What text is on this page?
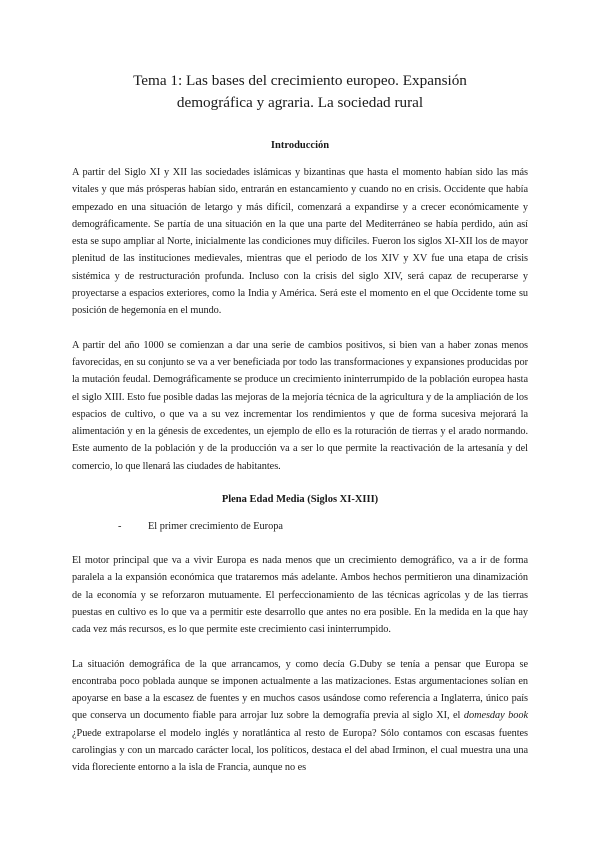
Tema 1: Las bases del crecimiento europeo. Expansión
demográfica y agraria. La sociedad rural
Introducción

A partir del Siglo XI y XII las sociedades islámicas y bizantinas que hasta el momento habían sido las más vitales y que más prósperas habían sido, entrarán en estancamiento y cuando no en crisis. Occidente que había empezado en una situación de letargo y más difícil, comenzará a expandirse y a crecer económicamente y demográficamente. Se partía de una situación en la que una parte del Mediterráneo se había perdido, aún así esta se supo ampliar al Norte, inicialmente las condiciones muy difíciles. Fueron los siglos XI-XII los de mayor plenitud de las instituciones medievales, mientras que el periodo de los XIV y XV fue una etapa de crisis sistémica y de restructuración profunda. Incluso con la crisis del siglo XIV, será capaz de recuperarse y proyectarse a espacios exteriores, como la India y América. Será este el momento en el que Occidente tome su posición de hegemonía en el mundo.

A partir del año 1000 se comienzan a dar una serie de cambios positivos, si bien van a haber zonas menos favorecidas, en su conjunto se va a ver beneficiada por todo las transformaciones y expansiones producidas por la mutación feudal. Demográficamente se produce un crecimiento ininterrumpido de la población europea hasta el siglo XIII. Esto fue posible dadas las mejoras de la mejoría técnica de la agricultura y de la ampliación de los espacios de cultivo, o que va a su vez incrementar los rendimientos y que de forma sucesiva mejorará la alimentación y en la génesis de excedentes, un ejemplo de ello es la roturación de tierras y el arado normando. Este aumento de la población y de la producción va a ser lo que permite la reactivación de la artesanía y del comercio, lo que llenará las ciudades de habitantes.

Plena Edad Media (Siglos XI-XIII)
-	El primer crecimiento de Europa

El motor principal que va a vivir Europa es nada menos que un crecimiento demográfico, va a ir de forma paralela a la expansión económica que trataremos más adelante. Ambos hechos permitieron una dinamización de la economía y se reforzaron mutuamente. El perfeccionamiento de las técnicas agrícolas y de las tierras puestas en cultivo es lo que va a permitir este desarrollo que antes no era posible. En la medida en la que hay cada vez más recursos, es lo que permite este crecimiento casi ininterrumpido.

La situación demográfica de la que arrancamos, y como decía G.Duby se tenía a pensar que Europa se encontraba poco poblada aunque se imponen actualmente a las matizaciones. Estas argumentaciones solían en apoyarse en base a la escasez de fuentes y en muchos casos usándose como referencia a Inglaterra, único país que conserva un documento fiable para arrojar luz sobre la demografía previa al siglo XI, el domesday book ¿Puede extrapolarse el modelo inglés y noratlántica al resto de Europa? Sólo contamos con escasas fuentes carolingias y con un marcado carácter local, los políticos, destaca el del abad Irminon, el cual muestra una una vida floreciente entorno a la isla de Francia, aunque no es
